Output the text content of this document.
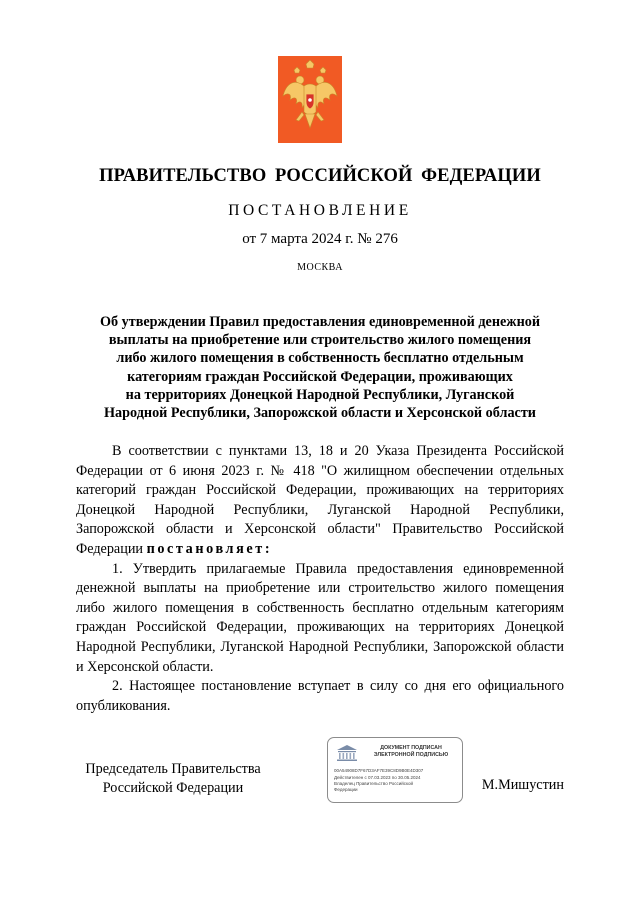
ПРАВИТЕЛЬСТВО РОССИЙСКОЙ ФЕДЕРАЦИИ
ПОСТАНОВЛЕНИЕ
от 7 марта 2024 г. № 276
МОСКВА
Об утверждении Правил предоставления единовременной денежной
выплаты на приобретение или строительство жилого помещения
либо жилого помещения в собственность бесплатно отдельным
категориям граждан Российской Федерации, проживающих
на территориях Донецкой Народной Республики, Луганской
Народной Республики, Запорожской области и Херсонской области

В соответствии с пунктами 13, 18 и 20 Указа Президента Российской Федерации от 6 июня 2023 г. № 418 "О жилищном обеспечении отдельных категорий граждан Российской Федерации, проживающих на территориях Донецкой Народной Республики, Луганской Народной Республики, Запорожской области и Херсонской области" Правительство Российской Федерации постановляет:

1. Утвердить прилагаемые Правила предоставления единовременной денежной выплаты на приобретение или строительство жилого помещения либо жилого помещения в собственность бесплатно отдельным категориям граждан Российской Федерации, проживающих на территориях Донецкой Народной Республики, Луганской Народной Республики, Запорожской области и Херсонской области.

2. Настоящее постановление вступает в силу со дня его официального опубликования.

Председатель Правительства
Российской Федерации
ДОКУМЕНТ ПОДПИСАН
ЭЛЕКТРОННОЙ ПОДПИСЬЮ
00A54908D7F67D3AF7E39C8D9B0E4D307
Действителен с 07.03.2023 по 30.05.2024
Владелец Правительство Российской
Федерации	М.Мишустин
